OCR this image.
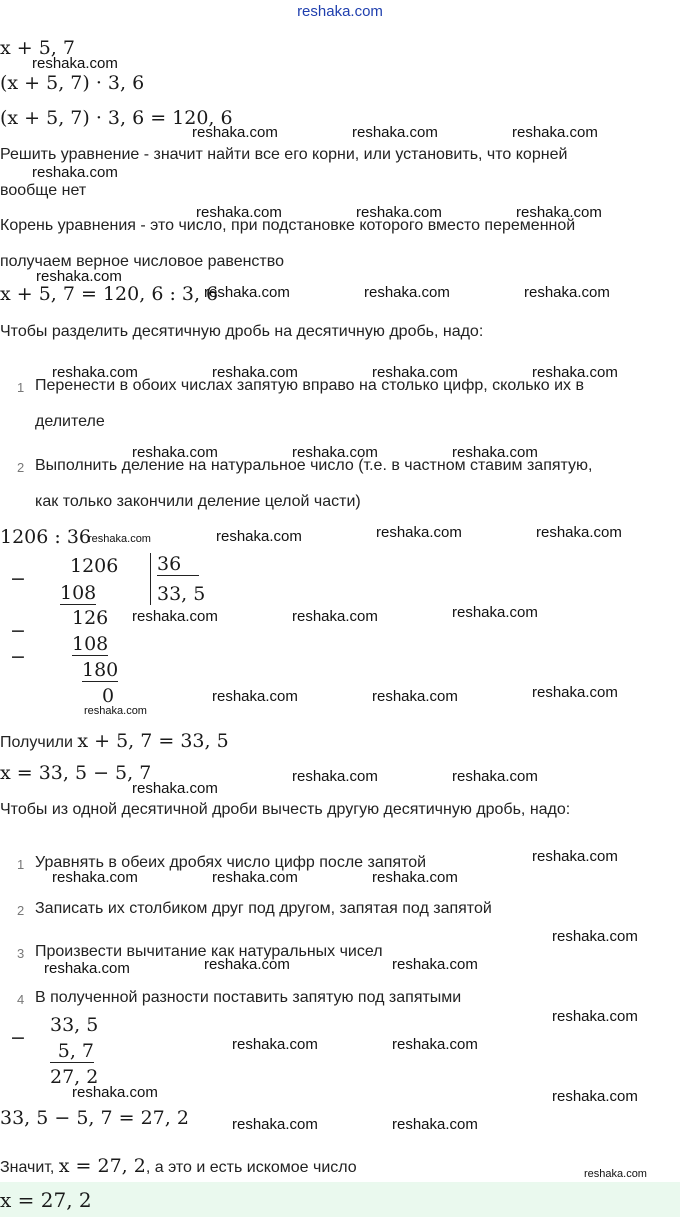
reshaka.com
x + 5, 7
(x + 5, 7) · 3, 6
(x + 5, 7) · 3, 6 = 120, 6
Решить уравнение - значит найти все его корни, или установить, что корней
вообще нет
Корень уравнения - это число, при подстановке которого вместо переменной
получаем верное числовое равенство
x + 5, 7 = 120, 6 : 3, 6
Чтобы разделить десятичную дробь на десятичную дробь, надо:
1 Перенести в обоих числах запятую вправо на столько цифр, сколько их в
делителе
2 Выполнить деление на натуральное число (т.е. в частном ставим запятую,
как только закончили деление целой части)
1206 : 36
−
1206
108
36
33, 5
−
126
108
−
180
0
Получили x + 5, 7 = 33, 5
x = 33, 5 − 5, 7
Чтобы из одной десятичной дроби вычесть другую десятичную дробь, надо:
1 Уравнять в обеих дробях число цифр после запятой
2 Записать их столбиком друг под другом, запятая под запятой
3 Произвести вычитание как натуральных чисел
4 В полученной разности поставить запятую под запятыми
33, 5
−
5, 7
27, 2
33, 5 − 5, 7 = 27, 2
Значит, x = 27, 2, а это и есть искомое число
x = 27, 2
reshaka.com
reshaka.com	reshaka.com	reshaka.com
reshaka.com
reshaka.com	reshaka.com	reshaka.com
reshaka.com
reshaka.com	reshaka.com	reshaka.com
reshaka.com	reshaka.com	reshaka.com	reshaka.com
reshaka.com	reshaka.com	reshaka.com
reshaka.com	reshaka.com	reshaka.com	reshaka.com
reshaka.com	reshaka.com	reshaka.com
reshaka.com	reshaka.com	reshaka.com
reshaka.com
reshaka.com
reshaka.com	reshaka.com
reshaka.com
reshaka.com	reshaka.com	reshaka.com
reshaka.com
reshaka.com	reshaka.com	reshaka.com
reshaka.com
reshaka.com	reshaka.com
reshaka.com	reshaka.com
reshaka.com	reshaka.com
reshaka.com
